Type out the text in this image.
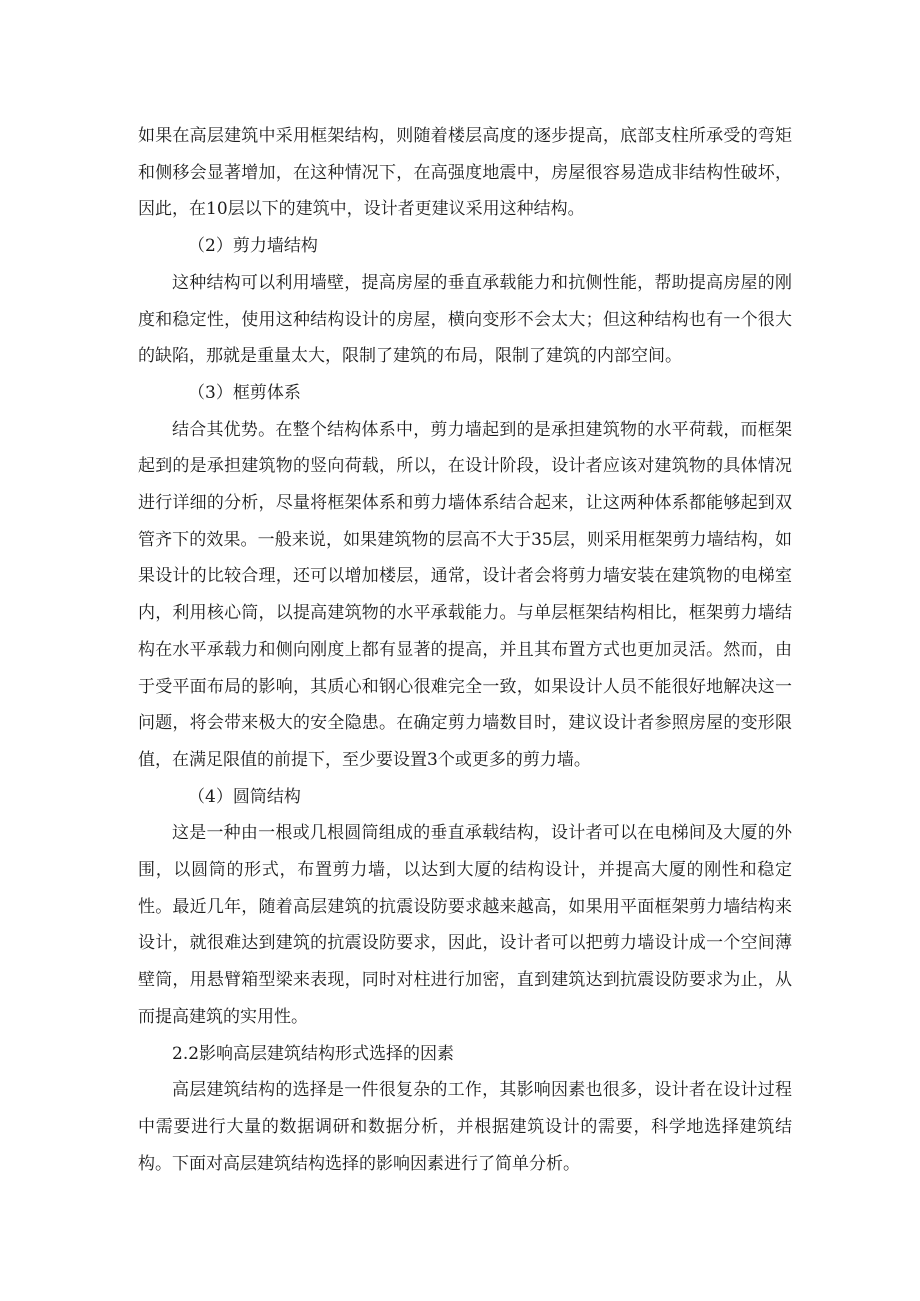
如果在高层建筑中采用框架结构，则随着楼层高度的逐步提高，底部支柱所承受的弯矩和侧移会显著增加，在这种情况下，在高强度地震中，房屋很容易造成非结构性破坏，因此，在10层以下的建筑中，设计者更建议采用这种结构。

（2）剪力墙结构

这种结构可以利用墙壁，提高房屋的垂直承载能力和抗侧性能，帮助提高房屋的刚度和稳定性，使用这种结构设计的房屋，横向变形不会太大；但这种结构也有一个很大的缺陷，那就是重量太大，限制了建筑的布局，限制了建筑的内部空间。

（3）框剪体系

结合其优势。在整个结构体系中，剪力墙起到的是承担建筑物的水平荷载，而框架起到的是承担建筑物的竖向荷载，所以，在设计阶段，设计者应该对建筑物的具体情况进行详细的分析，尽量将框架体系和剪力墙体系结合起来，让这两种体系都能够起到双管齐下的效果。一般来说，如果建筑物的层高不大于35层，则采用框架剪力墙结构，如果设计的比较合理，还可以增加楼层，通常，设计者会将剪力墙安装在建筑物的电梯室内，利用核心筒，以提高建筑物的水平承载能力。与单层框架结构相比，框架剪力墙结构在水平承载力和侧向刚度上都有显著的提高，并且其布置方式也更加灵活。然而，由于受平面布局的影响，其质心和钢心很难完全一致，如果设计人员不能很好地解决这一问题，将会带来极大的安全隐患。在确定剪力墙数目时，建议设计者参照房屋的变形限值，在满足限值的前提下，至少要设置3个或更多的剪力墙。

（4）圆筒结构

这是一种由一根或几根圆筒组成的垂直承载结构，设计者可以在电梯间及大厦的外围，以圆筒的形式，布置剪力墙，以达到大厦的结构设计，并提高大厦的刚性和稳定性。最近几年，随着高层建筑的抗震设防要求越来越高，如果用平面框架剪力墙结构来设计，就很难达到建筑的抗震设防要求，因此，设计者可以把剪力墙设计成一个空间薄壁筒，用悬臂箱型梁来表现，同时对柱进行加密，直到建筑达到抗震设防要求为止，从而提高建筑的实用性。

2.2影响高层建筑结构形式选择的因素

高层建筑结构的选择是一件很复杂的工作，其影响因素也很多，设计者在设计过程中需要进行大量的数据调研和数据分析，并根据建筑设计的需要，科学地选择建筑结构。下面对高层建筑结构选择的影响因素进行了简单分析。
